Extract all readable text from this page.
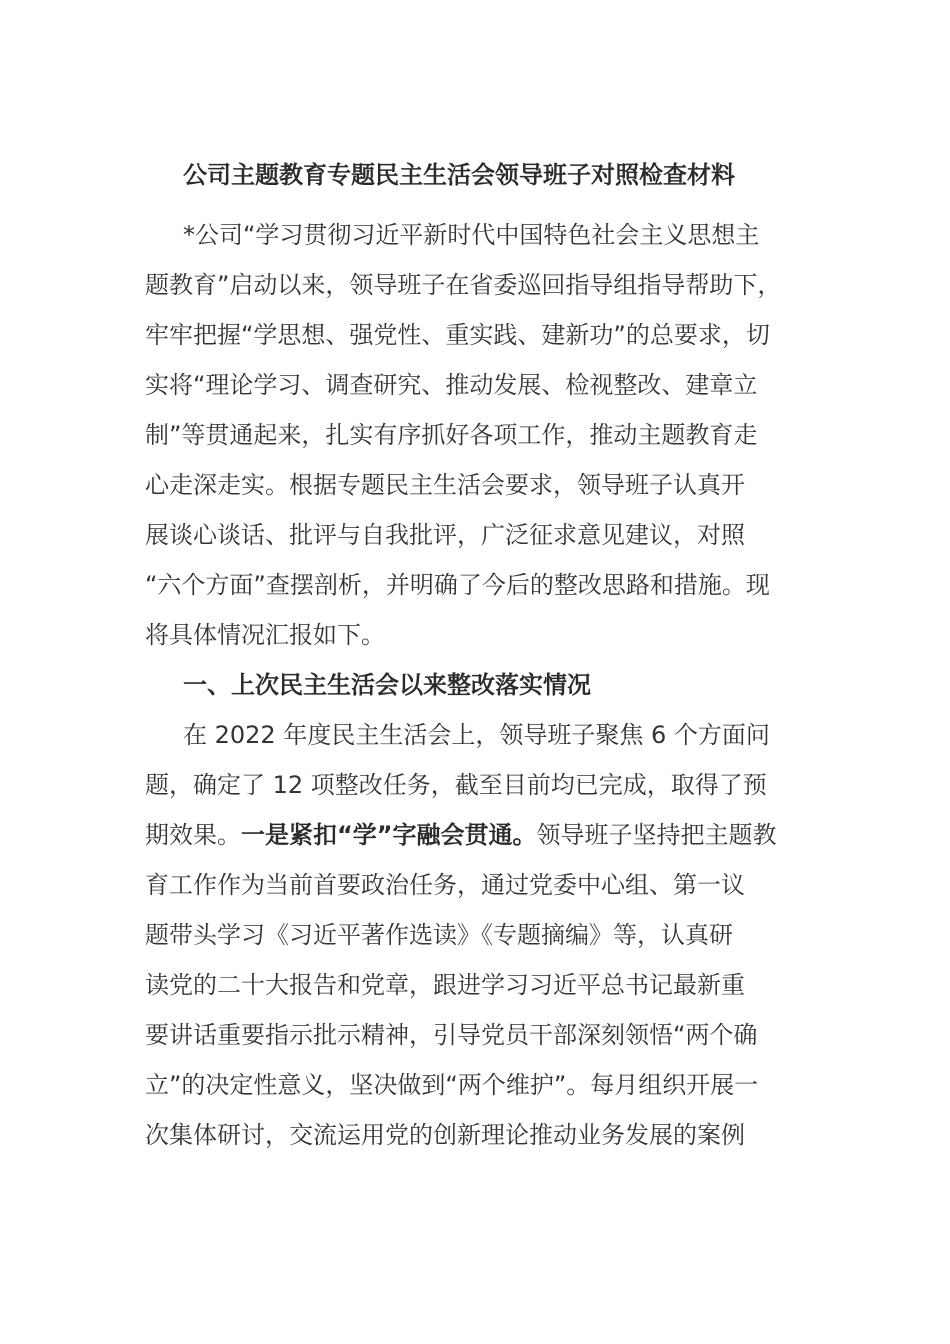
公司主题教育专题民主生活会领导班子对照检查材料
*公司“学习贯彻习近平新时代中国特色社会主义思想主
题教育”启动以来，领导班子在省委巡回指导组指导帮助下，
牢牢把握“学思想、强党性、重实践、建新功”的总要求，切
实将“理论学习、调查研究、推动发展、检视整改、建章立
制”等贯通起来，扎实有序抓好各项工作，推动主题教育走
心走深走实。根据专题民主生活会要求，领导班子认真开
展谈心谈话、批评与自我批评，广泛征求意见建议，对照
“六个方面”查摆剖析，并明确了今后的整改思路和措施。现
将具体情况汇报如下。
一、上次民主生活会以来整改落实情况
在 2022 年度民主生活会上，领导班子聚焦 6 个方面问
题，确定了 12 项整改任务，截至目前均已完成，取得了预
期效果。一是紧扣“学”字融会贯通。领导班子坚持把主题教
育工作作为当前首要政治任务，通过党委中心组、第一议
题带头学习《习近平著作选读》《专题摘编》等，认真研
读党的二十大报告和党章，跟进学习习近平总书记最新重
要讲话重要指示批示精神，引导党员干部深刻领悟“两个确
立”的决定性意义，坚决做到“两个维护”。每月组织开展一
次集体研讨，交流运用党的创新理论推动业务发展的案例
